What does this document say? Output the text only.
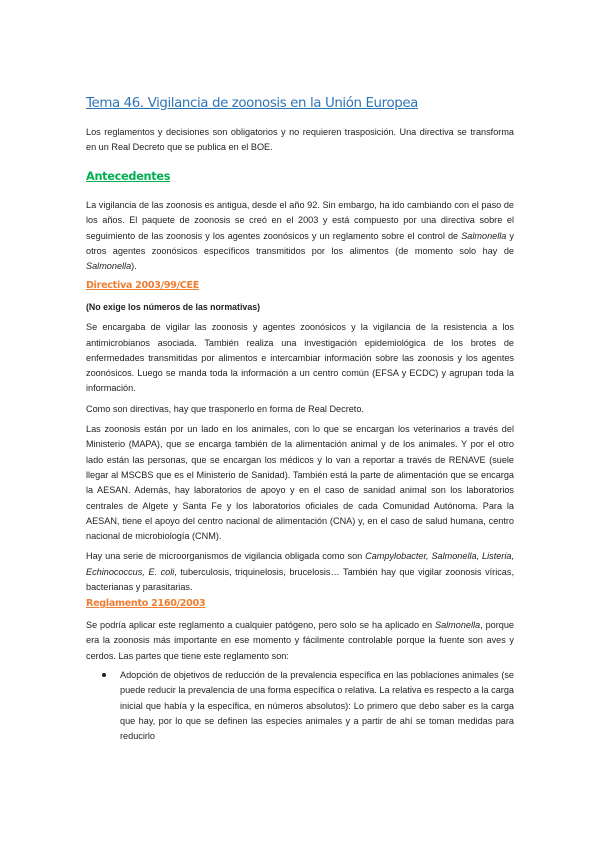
Tema 46. Vigilancia de zoonosis en la Unión Europea

Los reglamentos y decisiones son obligatorios y no requieren trasposición. Una directiva se transforma en un Real Decreto que se publica en el BOE.

Antecedentes

La vigilancia de las zoonosis es antigua, desde el año 92. Sin embargo, ha ido cambiando con el paso de los años. El paquete de zoonosis se creó en el 2003 y está compuesto por una directiva sobre el seguimiento de las zoonosis y los agentes zoonósicos y un reglamento sobre el control de Salmonella y otros agentes zoonósicos específicos transmitidos por los alimentos (de momento solo hay de Salmonella).

Directiva 2003/99/CEE

(No exige los números de las normativas)

Se encargaba de vigilar las zoonosis y agentes zoonósicos y la vigilancia de la resistencia a los antimicrobianos asociada. También realiza una investigación epidemiológica de los brotes de enfermedades transmitidas por alimentos e intercambiar información sobre las zoonosis y los agentes zoonósicos. Luego se manda toda la información a un centro común (EFSA y ECDC) y agrupan toda la información.

Como son directivas, hay que trasponerlo en forma de Real Decreto.

Las zoonosis están por un lado en los animales, con lo que se encargan los veterinarios a través del Ministerio (MAPA), que se encarga también de la alimentación animal y de los animales. Y por el otro lado están las personas, que se encargan los médicos y lo van a reportar a través de RENAVE (suele llegar al MSCBS que es el Ministerio de Sanidad). También está la parte de alimentación que se encarga la AESAN. Además, hay laboratorios de apoyo y en el caso de sanidad animal son los laboratorios centrales de Algete y Santa Fe y los laboratorios oficiales de cada Comunidad Autónoma. Para la AESAN, tiene el apoyo del centro nacional de alimentación (CNA) y, en el caso de salud humana, centro nacional de microbiología (CNM).

Hay una serie de microorganismos de vigilancia obligada como son Campylobacter, Salmonella, Listeria, Echinococcus, E. coli, tuberculosis, triquinelosis, brucelosis… También hay que vigilar zoonosis víricas, bacterianas y parasitarias.

Reglamento 2160/2003

Se podría aplicar este reglamento a cualquier patógeno, pero solo se ha aplicado en Salmonella, porque era la zoonosis más importante en ese momento y fácilmente controlable porque la fuente son aves y cerdos. Las partes que tiene este reglamento son:

Adopción de objetivos de reducción de la prevalencia específica en las poblaciones animales (se puede reducir la prevalencia de una forma específica o relativa. La relativa es respecto a la carga inicial que había y la específica, en números absolutos): Lo primero que debo saber es la carga que hay, por lo que se definen las especies animales y a partir de ahí se toman medidas para reducirlo
